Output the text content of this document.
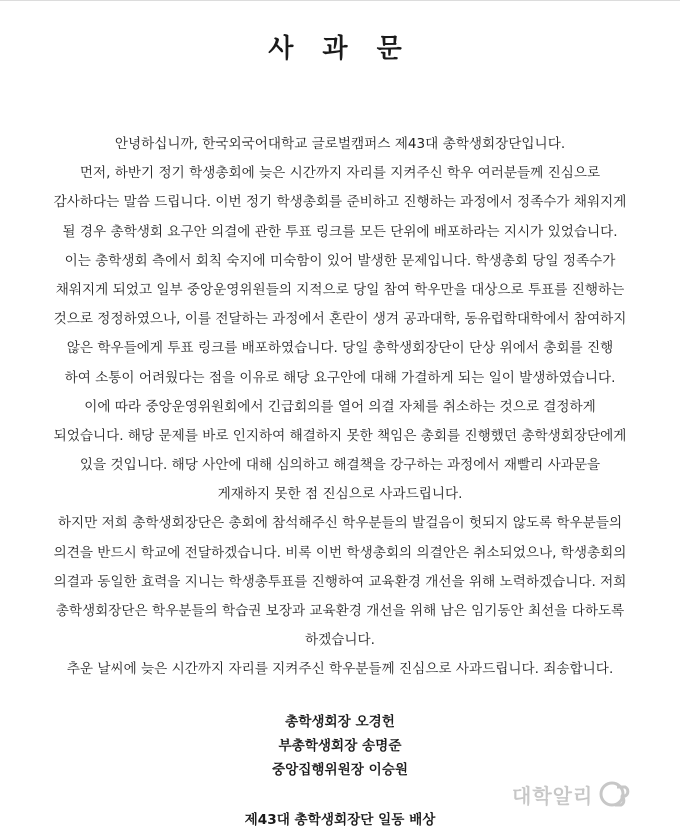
사 과 문
안녕하십니까, 한국외국어대학교 글로벌캠퍼스 제43대 총학생회장단입니다.
먼저, 하반기 정기 학생총회에 늦은 시간까지 자리를 지켜주신 학우 여러분들께 진심으로
감사하다는 말씀 드립니다. 이번 정기 학생총회를 준비하고 진행하는 과정에서 정족수가 채워지게
될 경우 총학생회 요구안 의결에 관한 투표 링크를 모든 단위에 배포하라는 지시가 있었습니다.
이는 총학생회 측에서 회칙 숙지에 미숙함이 있어 발생한 문제입니다. 학생총회 당일 정족수가
채워지게 되었고 일부 중앙운영위원들의 지적으로 당일 참여 학우만을 대상으로 투표를 진행하는
것으로 정정하였으나, 이를 전달하는 과정에서 혼란이 생겨 공과대학, 동유럽학대학에서 참여하지
않은 학우들에게 투표 링크를 배포하였습니다. 당일 총학생회장단이 단상 위에서 총회를 진행
하여 소통이 어려웠다는 점을 이유로 해당 요구안에 대해 가결하게 되는 일이 발생하였습니다.
이에 따라 중앙운영위원회에서 긴급회의를 열어 의결 자체를 취소하는 것으로 결정하게
되었습니다. 해당 문제를 바로 인지하여 해결하지 못한 책임은 총회를 진행했던 총학생회장단에게
있을 것입니다. 해당 사안에 대해 심의하고 해결책을 강구하는 과정에서 재빨리 사과문을
게재하지 못한 점 진심으로 사과드립니다.
하지만 저희 총학생회장단은 총회에 참석해주신 학우분들의 발걸음이 헛되지 않도록 학우분들의
의견을 반드시 학교에 전달하겠습니다. 비록 이번 학생총회의 의결안은 취소되었으나, 학생총회의
의결과 동일한 효력을 지니는 학생총투표를 진행하여 교육환경 개선을 위해 노력하겠습니다. 저희
총학생회장단은 학우분들의 학습권 보장과 교육환경 개선을 위해 남은 임기동안 최선을 다하도록
하겠습니다.
추운 날씨에 늦은 시간까지 자리를 지켜주신 학우분들께 진심으로 사과드립니다. 죄송합니다.
총학생회장 오경헌
부총학생회장 송명준
중앙집행위원장 이승원
제43대 총학생회장단 일동 배상
대학알리
